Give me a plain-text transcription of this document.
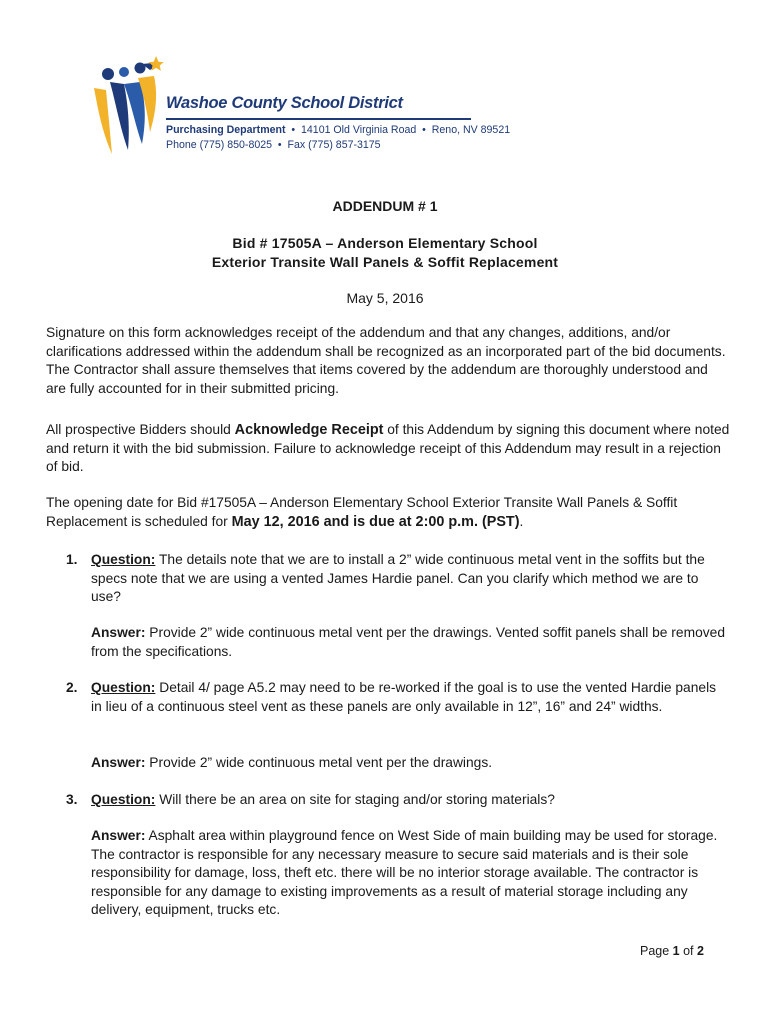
Washoe County School District
Purchasing Department • 14101 Old Virginia Road • Reno, NV 89521
Phone (775) 850-8025 • Fax (775) 857-3175
ADDENDUM # 1
Bid # 17505A – Anderson Elementary School
Exterior Transite Wall Panels & Soffit Replacement
May 5, 2016
Signature on this form acknowledges receipt of the addendum and that any changes, additions, and/or clarifications addressed within the addendum shall be recognized as an incorporated part of the bid documents. The Contractor shall assure themselves that items covered by the addendum are thoroughly understood and are fully accounted for in their submitted pricing.
All prospective Bidders should Acknowledge Receipt of this Addendum by signing this document where noted and return it with the bid submission. Failure to acknowledge receipt of this Addendum may result in a rejection of bid.
The opening date for Bid #17505A – Anderson Elementary School Exterior Transite Wall Panels & Soffit Replacement is scheduled for May 12, 2016 and is due at 2:00 p.m. (PST).
1. Question: The details note that we are to install a 2” wide continuous metal vent in the soffits but the specs note that we are using a vented James Hardie panel. Can you clarify which method we are to use?
Answer: Provide 2” wide continuous metal vent per the drawings. Vented soffit panels shall be removed from the specifications.
2. Question: Detail 4/ page A5.2 may need to be re-worked if the goal is to use the vented Hardie panels in lieu of a continuous steel vent as these panels are only available in 12”, 16” and 24” widths.
Answer: Provide 2” wide continuous metal vent per the drawings.
3. Question: Will there be an area on site for staging and/or storing materials?
Answer: Asphalt area within playground fence on West Side of main building may be used for storage. The contractor is responsible for any necessary measure to secure said materials and is their sole responsibility for damage, loss, theft etc. there will be no interior storage available. The contractor is responsible for any damage to existing improvements as a result of material storage including any delivery, equipment, trucks etc.
Page 1 of 2
